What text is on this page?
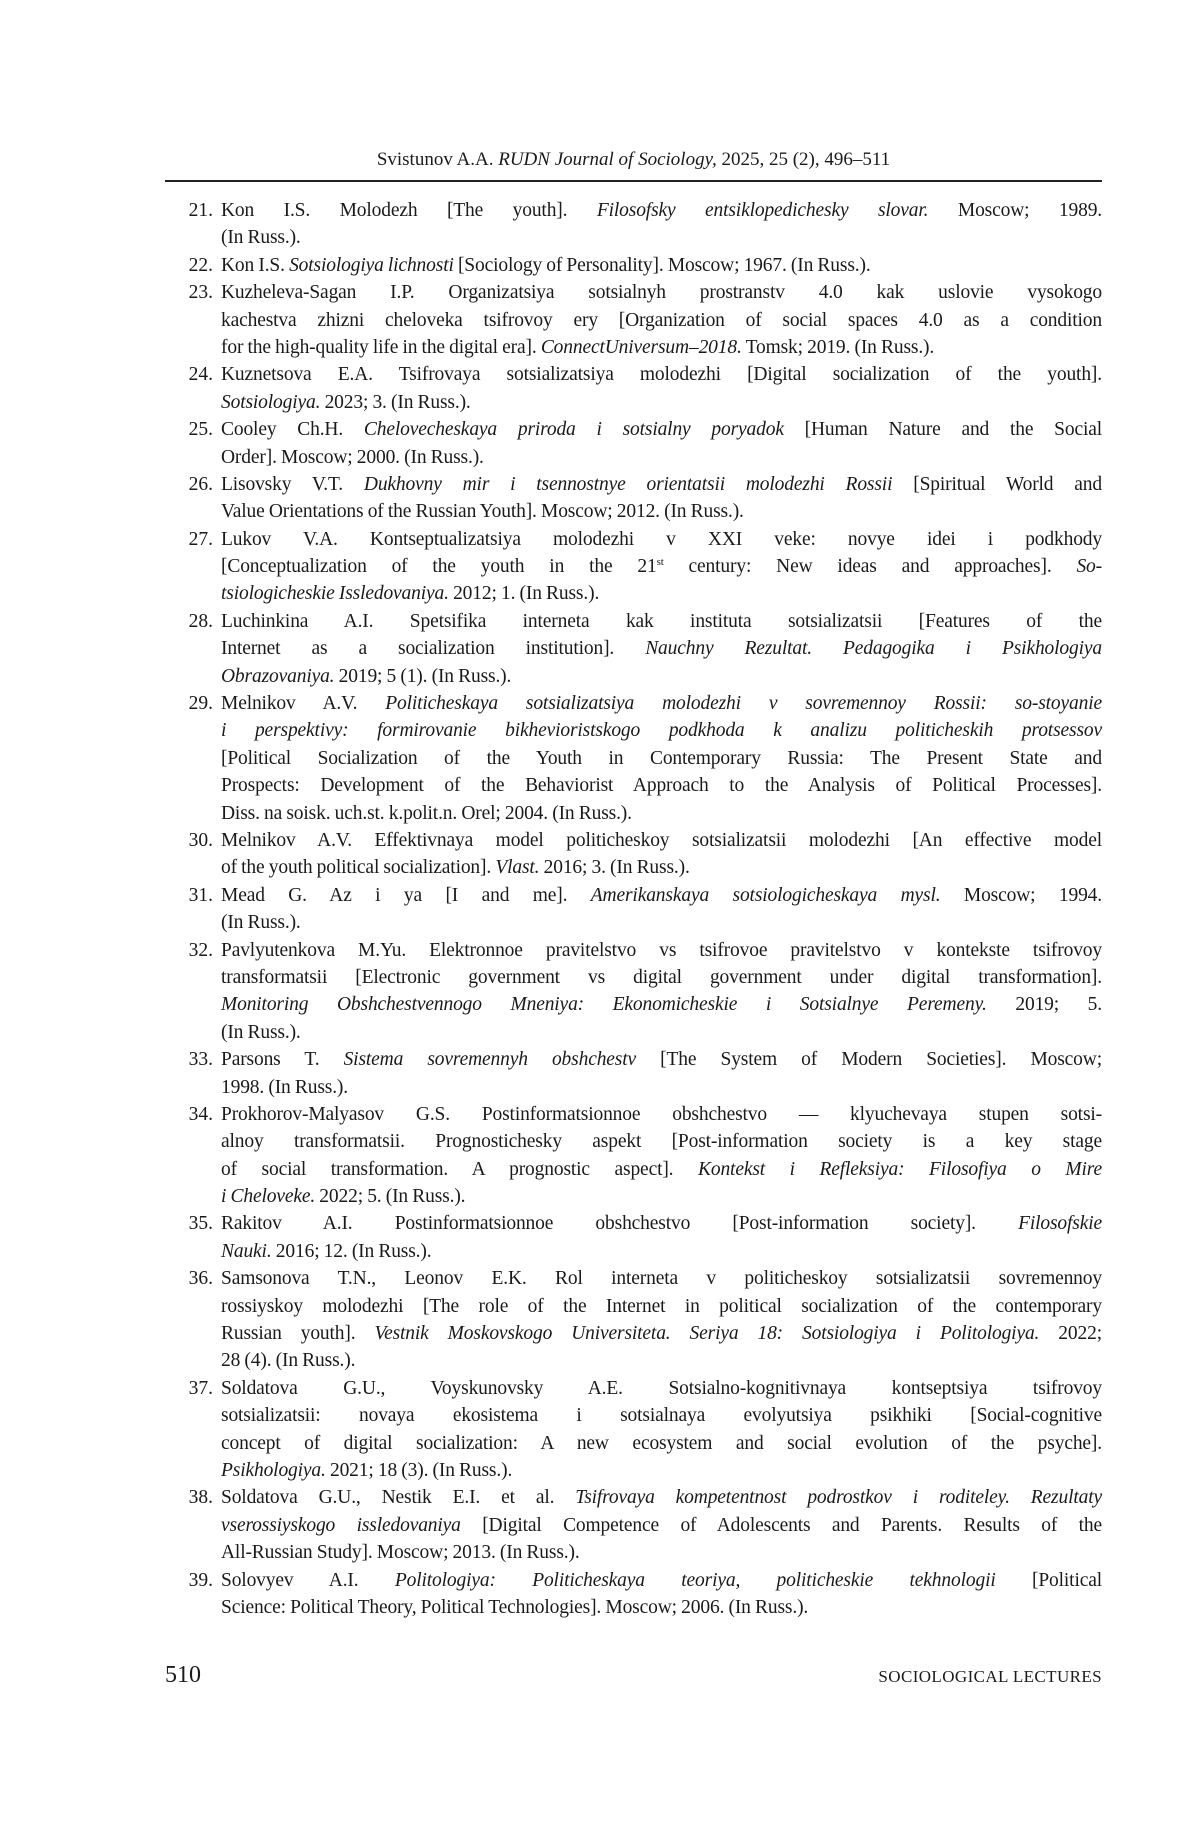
Svistunov A.A. RUDN Journal of Sociology, 2025, 25 (2), 496–511
21. Kon I.S. Molodezh [The youth]. Filosofsky entsiklopedichesky slovar. Moscow; 1989.
(In Russ.).
22. Kon I.S. Sotsiologiya lichnosti [Sociology of Personality]. Moscow; 1967. (In Russ.).
23. Kuzheleva-Sagan I.P. Organizatsiya sotsialnyh prostranstv 4.0 kak uslovie vysokogo
kachestva zhizni cheloveka tsifrovoy ery [Organization of social spaces 4.0 as a condition
for the high-quality life in the digital era]. ConnectUniversum–2018. Tomsk; 2019. (In Russ.).
24. Kuznetsova E.A. Tsifrovaya sotsializatsiya molodezhi [Digital socialization of the youth].
Sotsiologiya. 2023; 3. (In Russ.).
25. Cooley Ch.H. Chelovecheskaya priroda i sotsialny poryadok [Human Nature and the Social
Order]. Moscow; 2000. (In Russ.).
26. Lisovsky V.T. Dukhovny mir i tsennostnye orientatsii molodezhi Rossii [Spiritual World and
Value Orientations of the Russian Youth]. Moscow; 2012. (In Russ.).
27. Lukov V.A. Kontseptualizatsiya molodezhi v XXI veke: novye idei i podkhody
[Conceptualization of the youth in the 21st century: New ideas and approaches]. So-
tsiologicheskie Issledovaniya. 2012; 1. (In Russ.).
28. Luchinkina A.I. Spetsifika interneta kak instituta sotsializatsii [Features of the
Internet as a socialization institution]. Nauchny Rezultat. Pedagogika i Psikhologiya
Obrazovaniya. 2019; 5 (1). (In Russ.).
29. Melnikov A.V. Politicheskaya sotsializatsiya molodezhi v sovremennoy Rossii: so-stoyanie
i perspektivy: formirovanie bikhevioristskogo podkhoda k analizu politicheskih protsessov
[Political Socialization of the Youth in Contemporary Russia: The Present State and
Prospects: Development of the Behaviorist Approach to the Analysis of Political Processes].
Diss. na soisk. uch.st. k.polit.n. Orel; 2004. (In Russ.).
30. Melnikov A.V. Effektivnaya model politicheskoy sotsializatsii molodezhi [An effective model
of the youth political socialization]. Vlast. 2016; 3. (In Russ.).
31. Mead G. Az i ya [I and me]. Amerikanskaya sotsiologicheskaya mysl. Moscow; 1994.
(In Russ.).
32. Pavlyutenkova M.Yu. Elektronnoe pravitelstvo vs tsifrovoe pravitelstvo v kontekste tsifrovoy
transformatsii [Electronic government vs digital government under digital transformation].
Monitoring Obshchestvennogo Mneniya: Ekonomicheskie i Sotsialnye Peremeny. 2019; 5.
(In Russ.).
33. Parsons T. Sistema sovremennyh obshchestv [The System of Modern Societies]. Moscow;
1998. (In Russ.).
34. Prokhorov-Malyasov G.S. Postinformatsionnoe obshchestvo — klyuchevaya stupen sotsi-
alnoy transformatsii. Prognostichesky aspekt [Post-information society is a key stage
of social transformation. A prognostic aspect]. Kontekst i Refleksiya: Filosofiya o Mire
i Cheloveke. 2022; 5. (In Russ.).
35. Rakitov A.I. Postinformatsionnoe obshchestvo [Post-information society]. Filosofskie
Nauki. 2016; 12. (In Russ.).
36. Samsonova T.N., Leonov E.K. Rol interneta v politicheskoy sotsializatsii sovremennoy
rossiyskoy molodezhi [The role of the Internet in political socialization of the contemporary
Russian youth]. Vestnik Moskovskogo Universiteta. Seriya 18: Sotsiologiya i Politologiya. 2022;
28 (4). (In Russ.).
37. Soldatova G.U., Voyskunovsky A.E. Sotsialno-kognitivnaya kontseptsiya tsifrovoy
sotsializatsii: novaya ekosistema i sotsialnaya evolyutsiya psikhiki [Social-cognitive
concept of digital socialization: A new ecosystem and social evolution of the psyche].
Psikhologiya. 2021; 18 (3). (In Russ.).
38. Soldatova G.U., Nestik E.I. et al. Tsifrovaya kompetentnost podrostkov i roditeley. Rezultaty
vserossiyskogo issledovaniya [Digital Competence of Adolescents and Parents. Results of the
All-Russian Study]. Moscow; 2013. (In Russ.).
39. Solovyev A.I. Politologiya: Politicheskaya teoriya, politicheskie tekhnologii [Political
Science: Political Theory, Political Technologies]. Moscow; 2006. (In Russ.).
510	SOCIOLOGICAL LECTURES
